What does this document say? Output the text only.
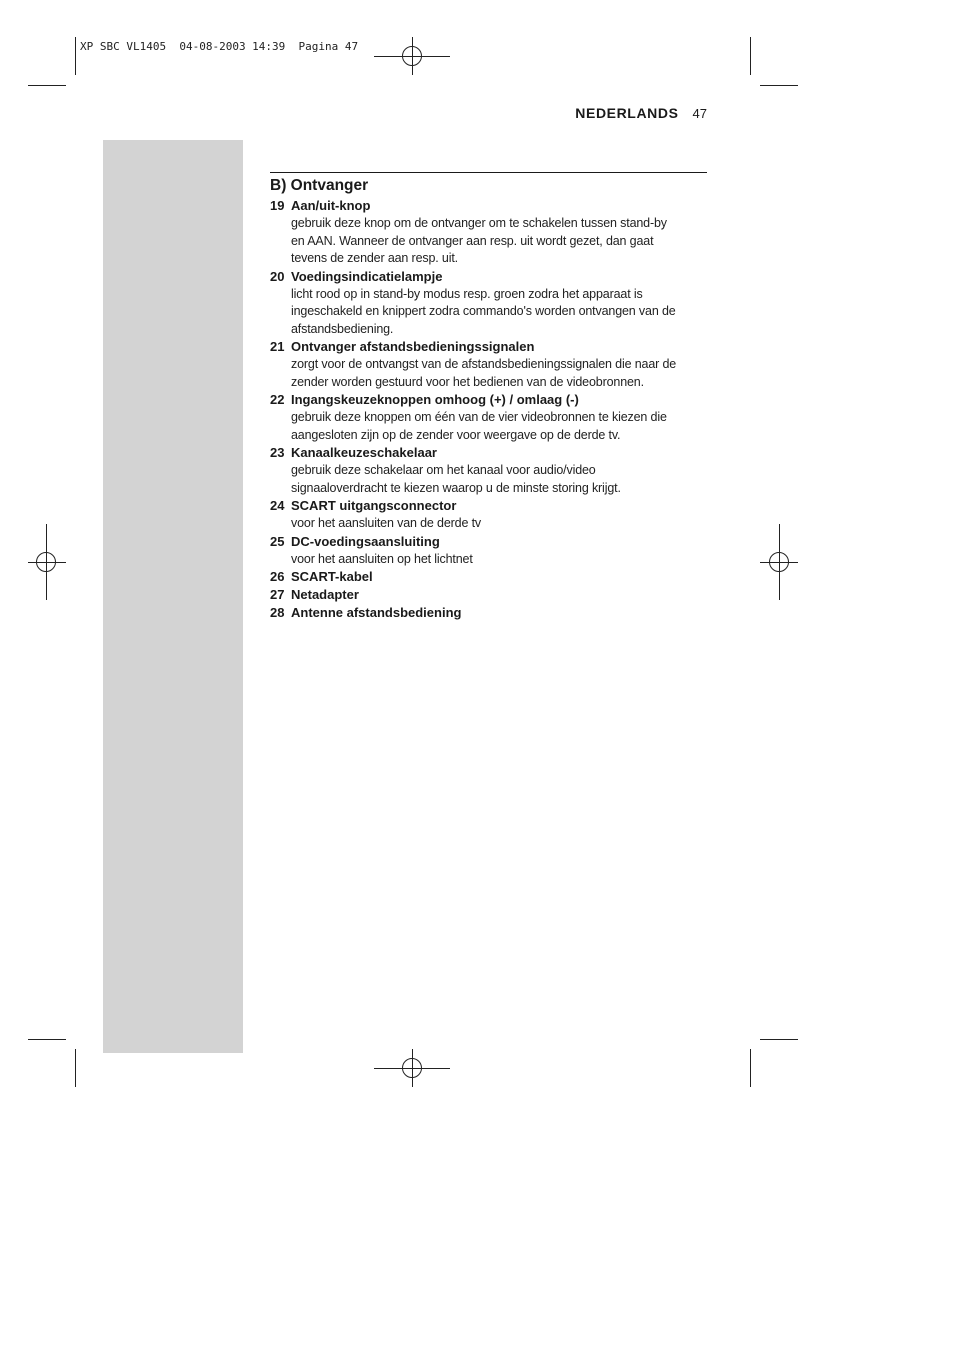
XP SBC VL1405  04-08-2003 14:39  Pagina 47
NEDERLANDS 47
B) Ontvanger
19 Aan/uit-knop
gebruik deze knop om de ontvanger om te schakelen tussen stand-by
en AAN. Wanneer de ontvanger aan resp. uit wordt gezet, dan gaat
tevens de zender aan resp. uit.
20 Voedingsindicatielampje
licht rood op in stand-by modus resp. groen zodra het apparaat is
ingeschakeld en knippert zodra commando's worden ontvangen van de
afstandsbediening.
21 Ontvanger afstandsbedieningssignalen
zorgt voor de ontvangst van de afstandsbedieningssignalen die naar de
zender worden gestuurd voor het bedienen van de videobronnen.
22 Ingangskeuzeknoppen omhoog (+) / omlaag (-)
gebruik deze knoppen om één van de vier videobronnen te kiezen die
aangesloten zijn op de zender voor weergave op de derde tv.
23 Kanaalkeuzeschakelaar
gebruik deze schakelaar om het kanaal voor audio/video
signaaloverdracht te kiezen waarop u de minste storing krijgt.
24 SCART uitgangsconnector
voor het aansluiten van de derde tv
25 DC-voedingsaansluiting
voor het aansluiten op het lichtnet
26 SCART-kabel
27 Netadapter
28 Antenne afstandsbediening
